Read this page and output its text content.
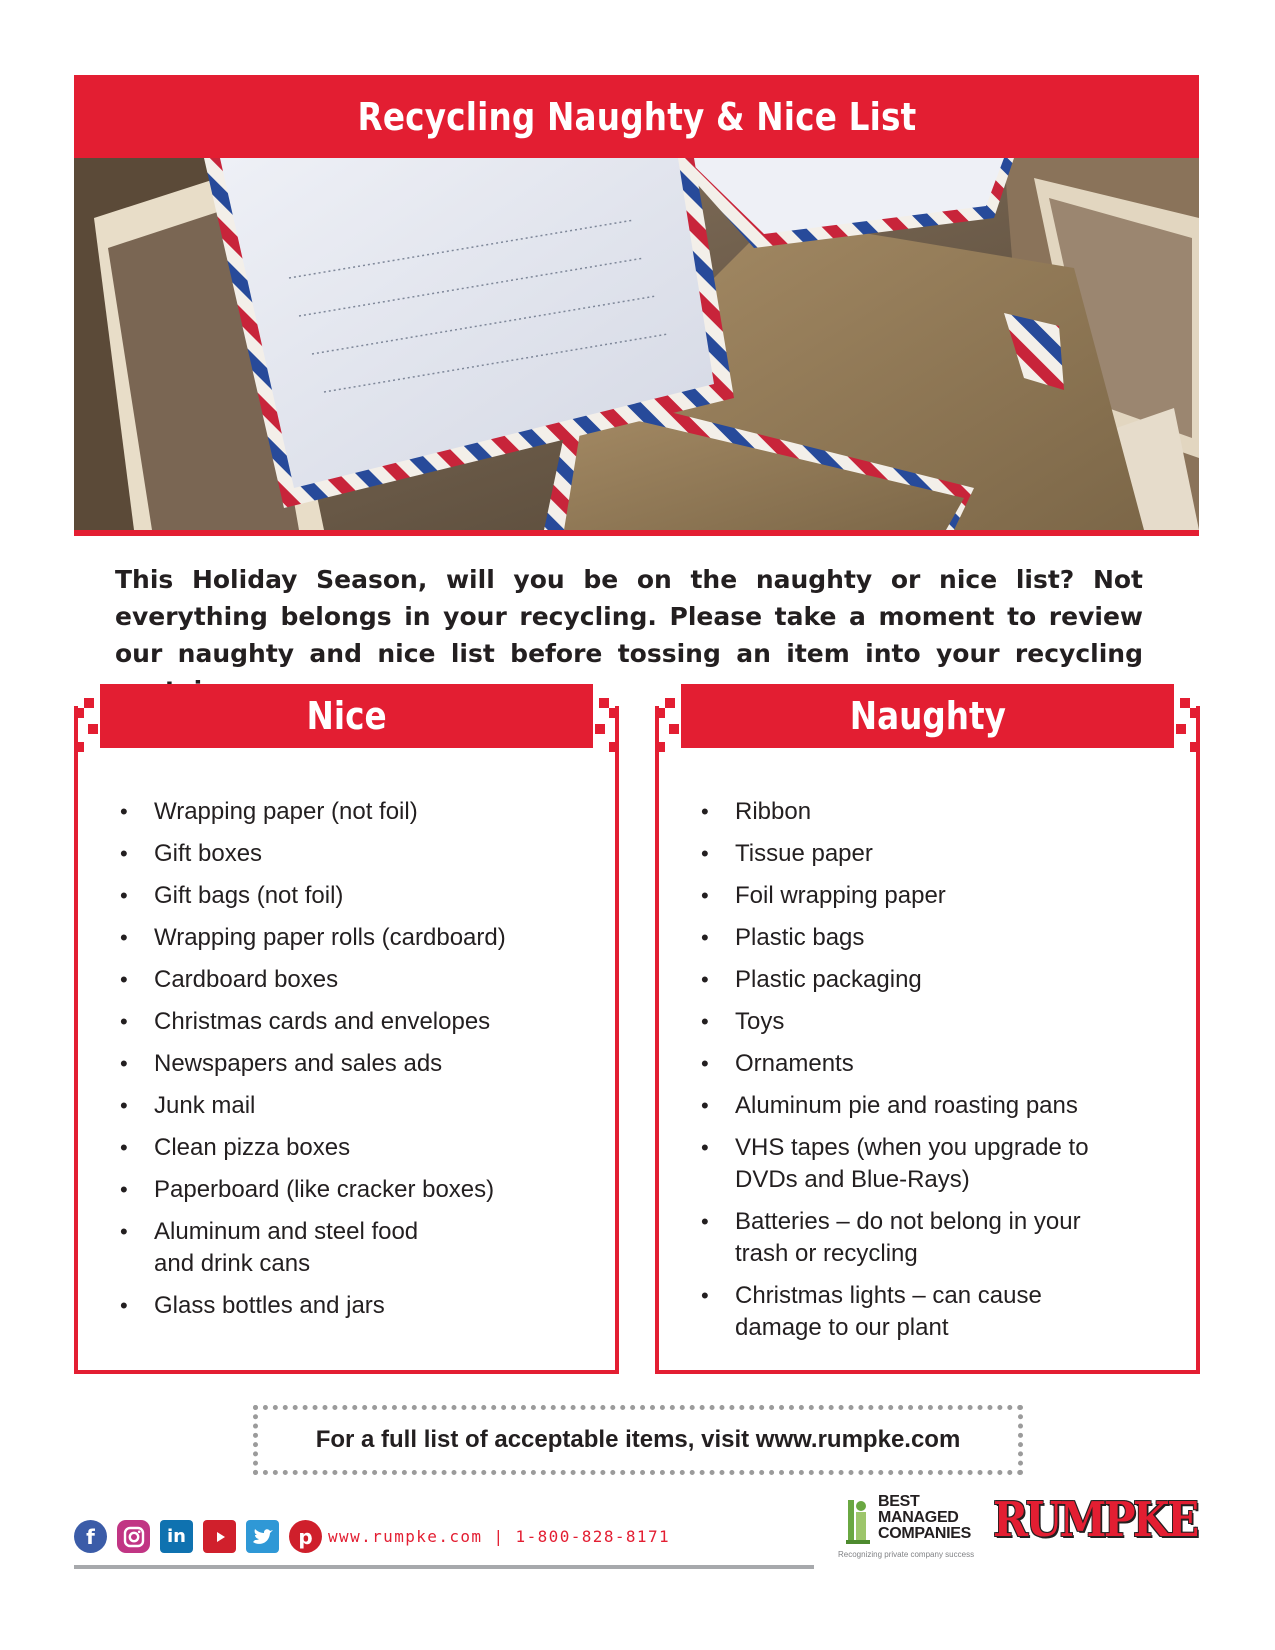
Recycling Naughty & Nice List

This Holiday Season, will you be on the naughty or nice list? Not everything belongs in your recycling. Please take a moment to review our naughty and nice list before tossing an item into your recycling

Nice
• Wrapping paper (not foil)
• Gift boxes
• Gift bags (not foil)
• Wrapping paper rolls (cardboard)
• Cardboard boxes
• Christmas cards and envelopes
• Newspapers and sales ads
• Junk mail
• Clean pizza boxes
• Paperboard (like cracker boxes)
• Aluminum and steel food and drink cans
• Glass bottles and jars
Naughty
• Ribbon
• Tissue paper
• Foil wrapping paper
• Plastic bags
• Plastic packaging
• Toys
• Ornaments
• Aluminum pie and roasting pans
• VHS tapes (when you upgrade to DVDs and Blue-Rays)
• Batteries – do not belong in your trash or recycling
• Christmas lights – can cause damage to our plant
For a full list of acceptable items, visit www.rumpke.com
f	in	p www.rumpke.com | 1-800-828-8171
BEST
MANAGED
COMPANIES
Recognizing private company success
RUMPKE
